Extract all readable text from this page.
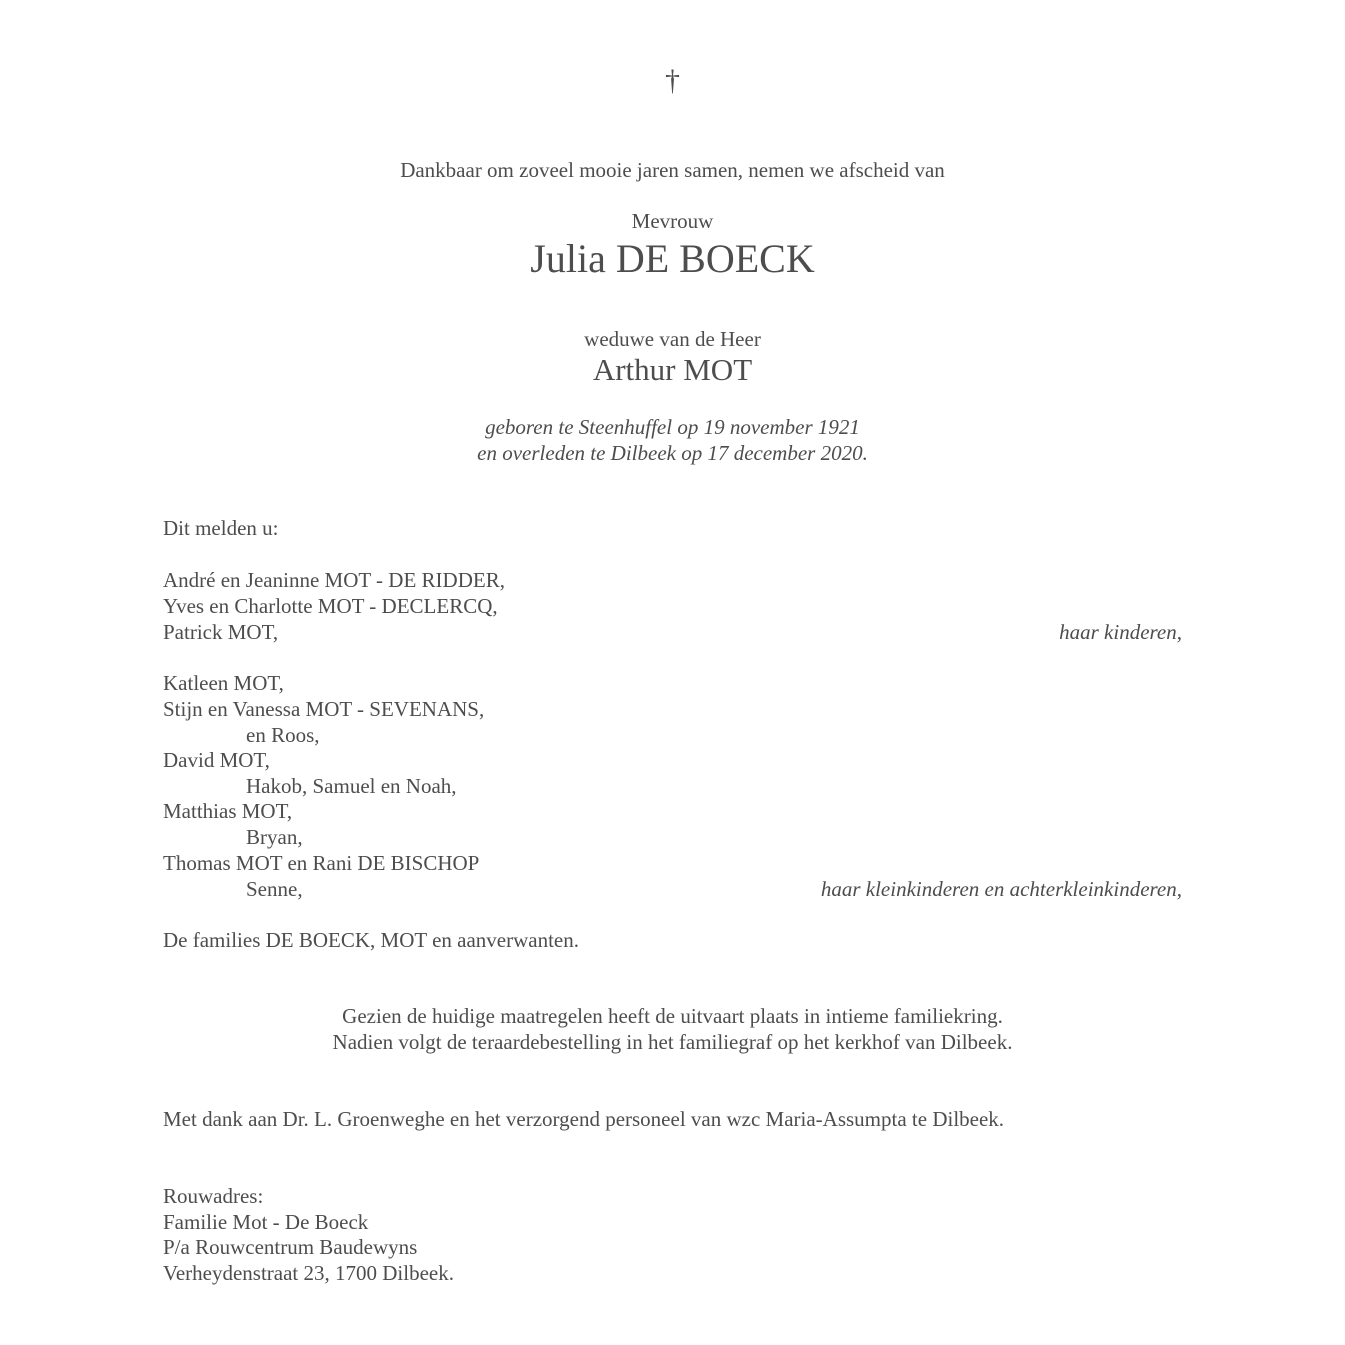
†

Dankbaar om zoveel mooie jaren samen, nemen we afscheid van

Mevrouw

Julia DE BOECK

weduwe van de Heer

Arthur MOT

geboren te Steenhuffel op 19 november 1921

en overleden te Dilbeek op 17 december 2020.

Dit melden u:

André en Jeaninne MOT - DE RIDDER,

Yves en Charlotte MOT - DECLERCQ,

Patrick MOT,	haar kinderen,

Katleen MOT,

Stijn en Vanessa MOT - SEVENANS,

en Roos,

David MOT,

Hakob, Samuel en Noah,

Matthias MOT,

Bryan,

Thomas MOT en Rani DE BISCHOP

Senne,	haar kleinkinderen en achterkleinkinderen,

De families DE BOECK, MOT en aanverwanten.

Gezien de huidige maatregelen heeft de uitvaart plaats in intieme familiekring.

Nadien volgt de teraardebestelling in het familiegraf op het kerkhof van Dilbeek.

Met dank aan Dr. L. Groenweghe en het verzorgend personeel van wzc Maria-Assumpta te Dilbeek.

Rouwadres:

Familie Mot - De Boeck

P/a Rouwcentrum Baudewyns

Verheydenstraat 23, 1700 Dilbeek.
